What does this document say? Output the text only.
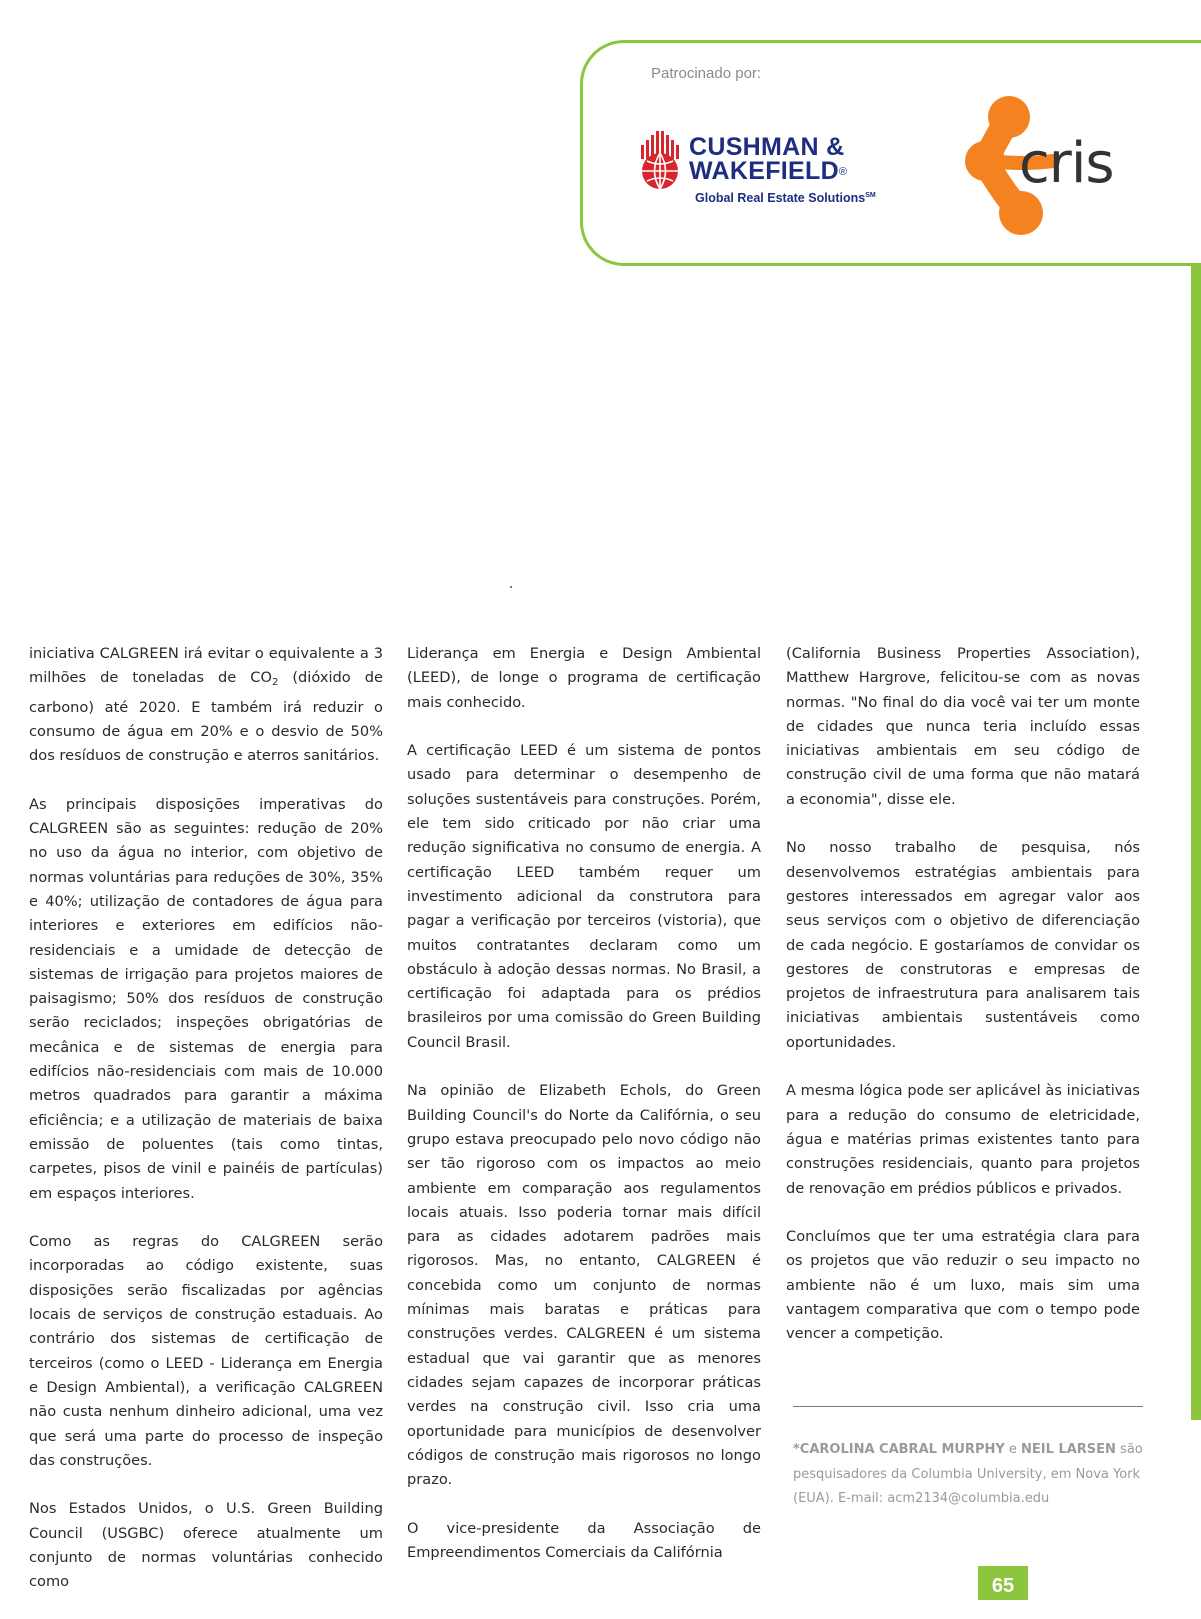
Patrocinado por:
CUSHMAN &
WAKEFIELD®
Global Real Estate Solutions℠	cris

iniciativa CALGREEN irá evitar o equivalente a 3 milhões de toneladas de $CO_2$ (dióxido de carbono) até 2020. E também irá reduzir o consumo de água em 20% e o desvio de 50% dos resíduos de construção e aterros sanitários.

As principais disposições imperativas do CALGREEN são as seguintes: redução de 20% no uso da água no interior, com objetivo de normas voluntárias para reduções de 30%, 35% e 40%; utilização de contadores de água para interiores e exteriores em edifícios não-residenciais e a umidade de detecção de sistemas de irrigação para projetos maiores de paisagismo; 50% dos resíduos de construção serão reciclados; inspeções obrigatórias de mecânica e de sistemas de energia para edifícios não-residenciais com mais de 10.000 metros quadrados para garantir a máxima eficiência; e a utilização de materiais de baixa emissão de poluentes (tais como tintas, carpetes, pisos de vinil e painéis de partículas) em espaços interiores.

Como as regras do CALGREEN serão incorporadas ao código existente, suas disposições serão fiscalizadas por agências locais de serviços de construção estaduais. Ao contrário dos sistemas de certificação de terceiros (como o LEED - Liderança em Energia e Design Ambiental), a verificação CALGREEN não custa nenhum dinheiro adicional, uma vez que será uma parte do processo de inspeção das construções.

Nos Estados Unidos, o U.S. Green Building Council (USGBC) oferece atualmente um conjunto de normas voluntárias conhecido como

Liderança em Energia e Design Ambiental (LEED), de longe o programa de certificação mais conhecido.

A certificação LEED é um sistema de pontos usado para determinar o desempenho de soluções sustentáveis para construções. Porém, ele tem sido criticado por não criar uma redução significativa no consumo de energia. A certificação LEED também requer um investimento adicional da construtora para pagar a verificação por terceiros (vistoria), que muitos contratantes declaram como um obstáculo à adoção dessas normas. No Brasil, a certificação foi adaptada para os prédios brasileiros por uma comissão do Green Building Council Brasil.

Na opinião de Elizabeth Echols, do Green Building Council's do Norte da Califórnia, o seu grupo estava preocupado pelo novo código não ser tão rigoroso com os impactos ao meio ambiente em comparação aos regulamentos locais atuais. Isso poderia tornar mais difícil para as cidades adotarem padrões mais rigorosos. Mas, no entanto, CALGREEN é concebida como um conjunto de normas mínimas mais baratas e práticas para construções verdes. CALGREEN é um sistema estadual que vai garantir que as menores cidades sejam capazes de incorporar práticas verdes na construção civil. Isso cria uma oportunidade para municípios de desenvolver códigos de construção mais rigorosos no longo prazo.

O vice-presidente da Associação de Empreendimentos Comerciais da Califórnia

(California Business Properties Association), Matthew Hargrove, felicitou-se com as novas normas. "No final do dia você vai ter um monte de cidades que nunca teria incluído essas iniciativas ambientais em seu código de construção civil de uma forma que não matará a economia", disse ele.

No nosso trabalho de pesquisa, nós desenvolvemos estratégias ambientais para gestores interessados em agregar valor aos seus serviços com o objetivo de diferenciação de cada negócio. E gostaríamos de convidar os gestores de construtoras e empresas de projetos de infraestrutura para analisarem tais iniciativas ambientais sustentáveis como oportunidades.

A mesma lógica pode ser aplicável às iniciativas para a redução do consumo de eletricidade, água e matérias primas existentes tanto para construções residenciais, quanto para projetos de renovação em prédios públicos e privados.

Concluímos que ter uma estratégia clara para os projetos que vão reduzir o seu impacto no ambiente não é um luxo, mais sim uma vantagem comparativa que com o tempo pode vencer a competição.

*CAROLINA CABRAL MURPHY e NEIL LARSEN são pesquisadores da Columbia University, em Nova York (EUA). E-mail: acm2134@columbia.edu
65
